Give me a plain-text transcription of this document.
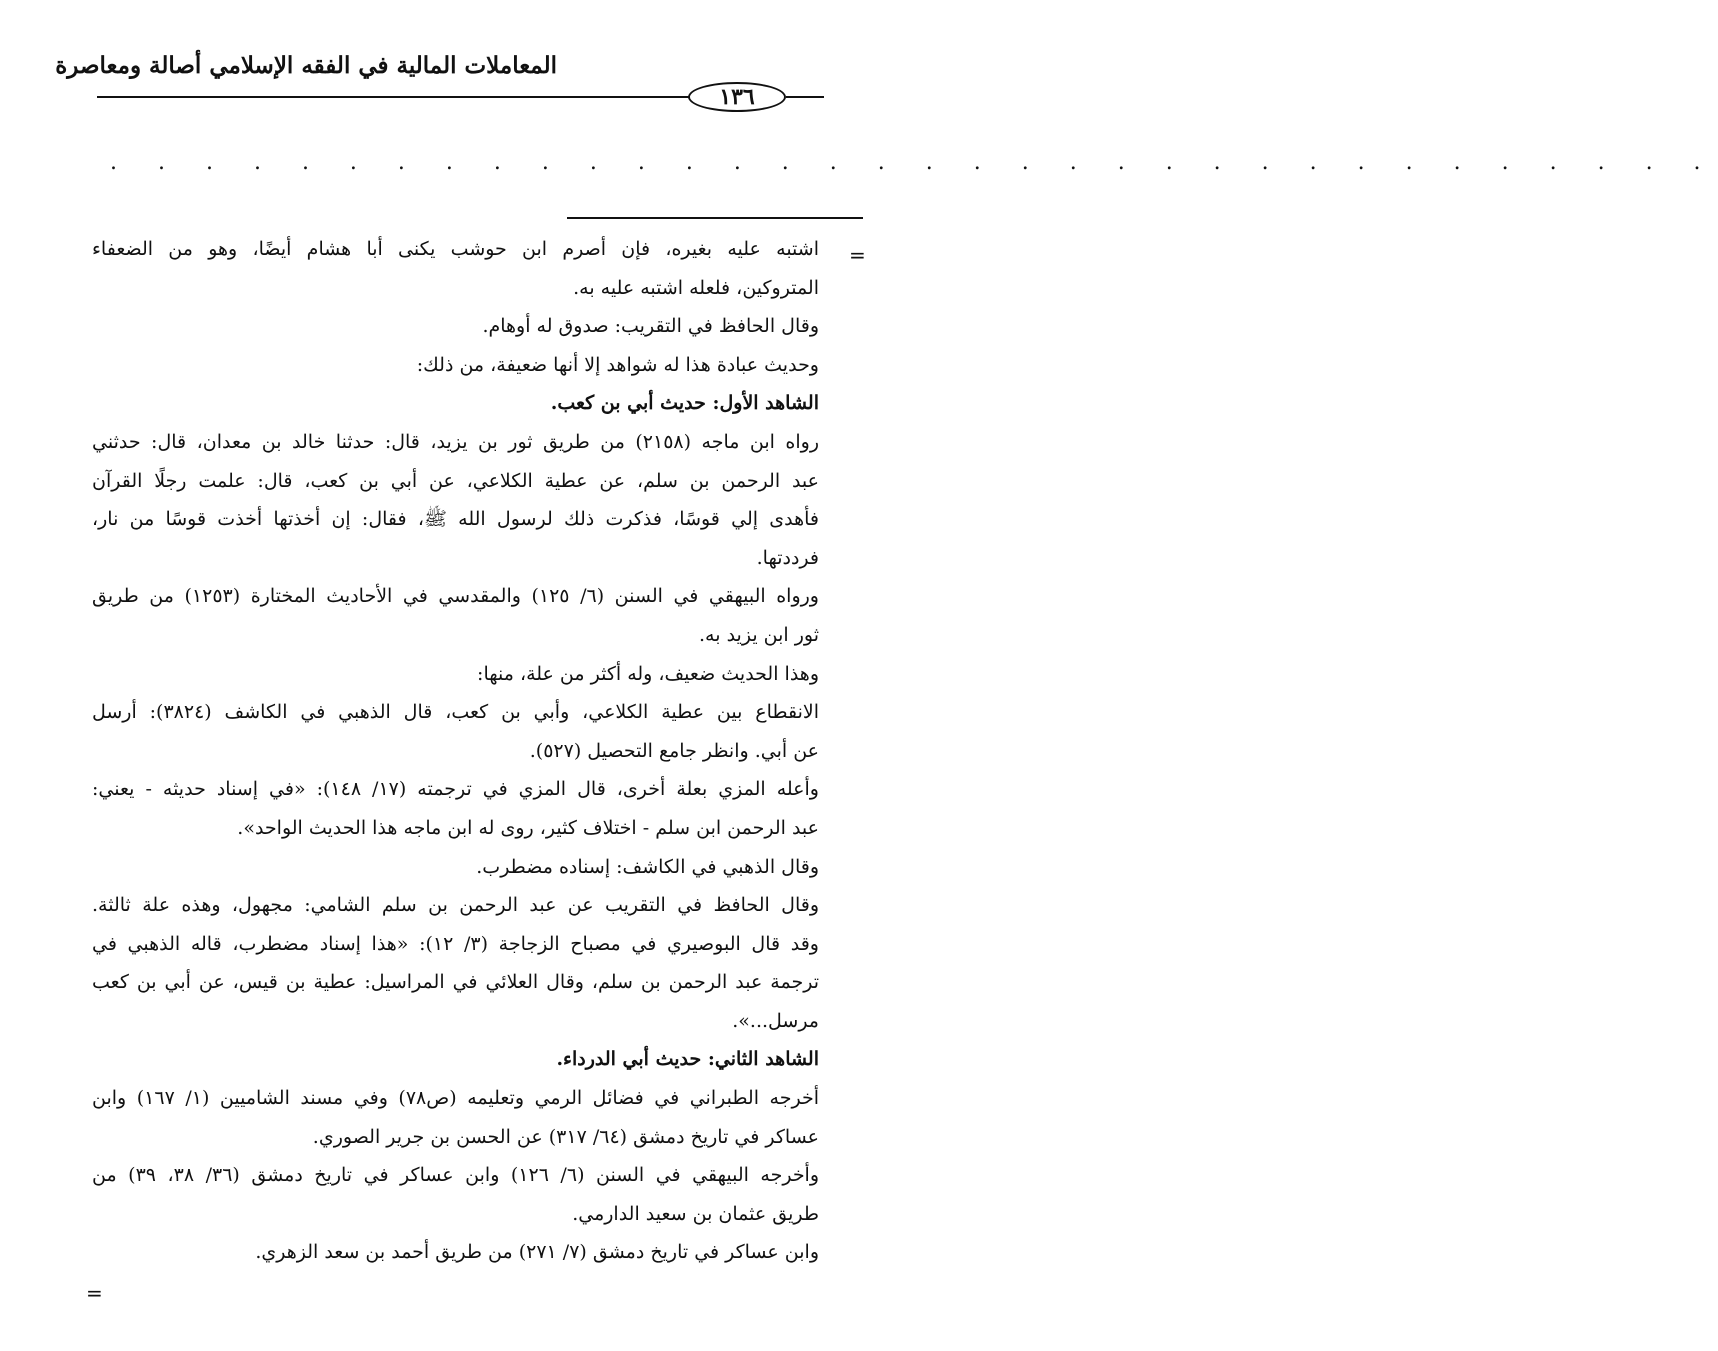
المعاملات المالية في الفقه الإسلامي أصالة ومعاصرة
١٣٦
. . . . . . . . . . . . . . . . . . . . . . . . . . . . . . . . . .
=
=
اشتبه عليه بغيره، فإن أصرم ابن حوشب يكنى أبا هشام أيضًا، وهو من الضعفاء
المتروكين، فلعله اشتبه عليه به.
وقال الحافظ في التقريب: صدوق له أوهام.
وحديث عبادة هذا له شواهد إلا أنها ضعيفة، من ذلك:
الشاهد الأول: حديث أبي بن كعب.
رواه ابن ماجه (٢١٥٨) من طريق ثور بن يزيد، قال: حدثنا خالد بن معدان، قال: حدثني
عبد الرحمن بن سلم، عن عطية الكلاعي، عن أبي بن كعب، قال: علمت رجلًا القرآن
فأهدى إلي قوسًا، فذكرت ذلك لرسول الله ﷺ، فقال: إن أخذتها أخذت قوسًا من نار،
فرددتها.
ورواه البيهقي في السنن (٦/ ١٢٥) والمقدسي في الأحاديث المختارة (١٢٥٣) من طريق
ثور ابن يزيد به.
وهذا الحديث ضعيف، وله أكثر من علة، منها:
الانقطاع بين عطية الكلاعي، وأبي بن كعب، قال الذهبي في الكاشف (٣٨٢٤): أرسل
عن أبي. وانظر جامع التحصيل (٥٢٧).
وأعله المزي بعلة أخرى، قال المزي في ترجمته (١٧/ ١٤٨): «في إسناد حديثه - يعني:
عبد الرحمن ابن سلم - اختلاف كثير، روى له ابن ماجه هذا الحديث الواحد».
وقال الذهبي في الكاشف: إسناده مضطرب.
وقال الحافظ في التقريب عن عبد الرحمن بن سلم الشامي: مجهول، وهذه علة ثالثة.
وقد قال البوصيري في مصباح الزجاجة (٣/ ١٢): «هذا إسناد مضطرب، قاله الذهبي في
ترجمة عبد الرحمن بن سلم، وقال العلائي في المراسيل: عطية بن قيس، عن أبي بن كعب
مرسل...».
الشاهد الثاني: حديث أبي الدرداء.
أخرجه الطبراني في فضائل الرمي وتعليمه (ص٧٨) وفي مسند الشاميين (١/ ١٦٧) وابن
عساكر في تاريخ دمشق (٦٤/ ٣١٧) عن الحسن بن جرير الصوري.
وأخرجه البيهقي في السنن (٦/ ١٢٦) وابن عساكر في تاريخ دمشق (٣٦/ ٣٨، ٣٩) من
طريق عثمان بن سعيد الدارمي.
وابن عساكر في تاريخ دمشق (٧/ ٢٧١) من طريق أحمد بن سعد الزهري.
